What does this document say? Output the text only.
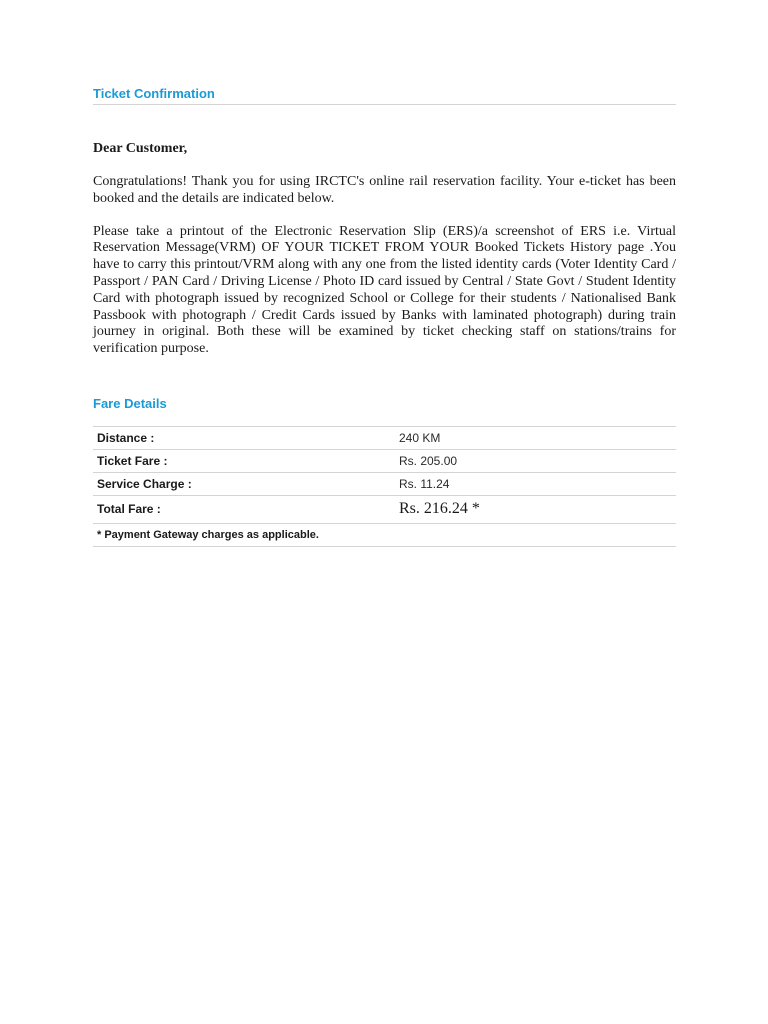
Ticket Confirmation
Dear Customer,

Congratulations! Thank you for using IRCTC's online rail reservation facility. Your e-ticket has been booked and the details are indicated below.

Please take a printout of the Electronic Reservation Slip (ERS)/a screenshot of ERS i.e. Virtual Reservation Message(VRM) OF YOUR TICKET FROM YOUR Booked Tickets History page .You have to carry this printout/VRM along with any one from the listed identity cards (Voter Identity Card / Passport / PAN Card / Driving License / Photo ID card issued by Central / State Govt / Student Identity Card with photograph issued by recognized School or College for their students / Nationalised Bank Passbook with photograph / Credit Cards issued by Banks with laminated photograph) during train journey in original. Both these will be examined by ticket checking staff on stations/trains for verification purpose.

Fare Details
Distance :	240 KM
Ticket Fare :	Rs. 205.00
Service Charge :	Rs. 11.24
Total Fare :	Rs. 216.24 *
* Payment Gateway charges as applicable.	
